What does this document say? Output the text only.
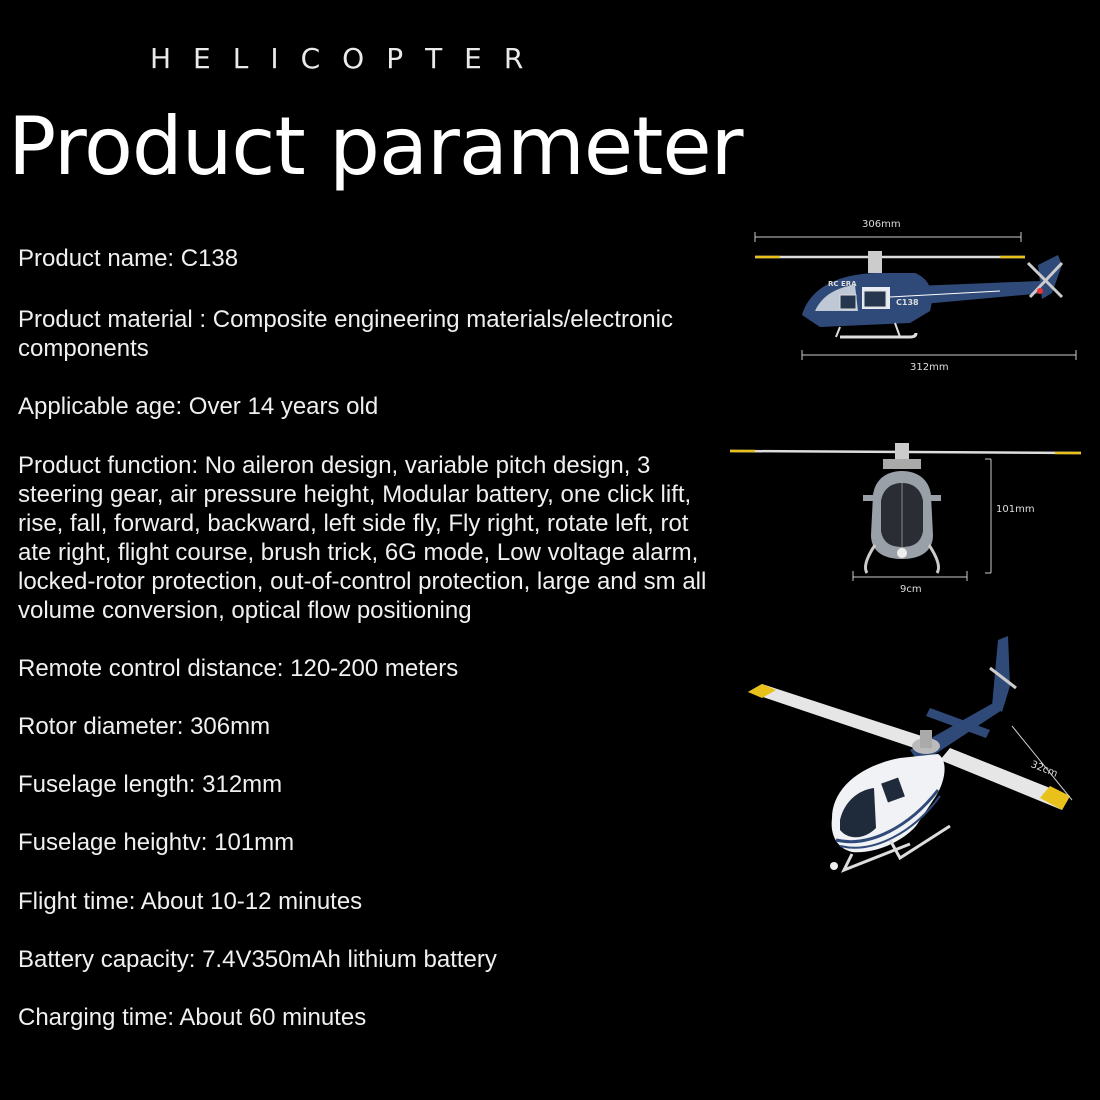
HELICOPTER
Product parameter
Product name: C138
Product material : Composite engineering materials/electronic components
Applicable age: Over 14 years old
Product function: No aileron design, variable pitch design, 3 steering gear, air pressure height, Modular battery, one click lift, rise, fall, forward, backward, left side fly, Fly right, rotate left, rot ate right, flight course, brush trick, 6G mode, Low voltage alarm, locked-rotor protection, out-of-control protection, large and sm all volume conversion, optical flow positioning
Remote control distance: 120-200 meters
Rotor diameter: 306mm
Fuselage length: 312mm
Fuselage heightv: 101mm
Flight time: About 10-12 minutes
Battery capacity: 7.4V350mAh lithium battery
Charging time: About 60 minutes
306mm
312mm
RC ERA
C138
101mm
9cm
32cm
